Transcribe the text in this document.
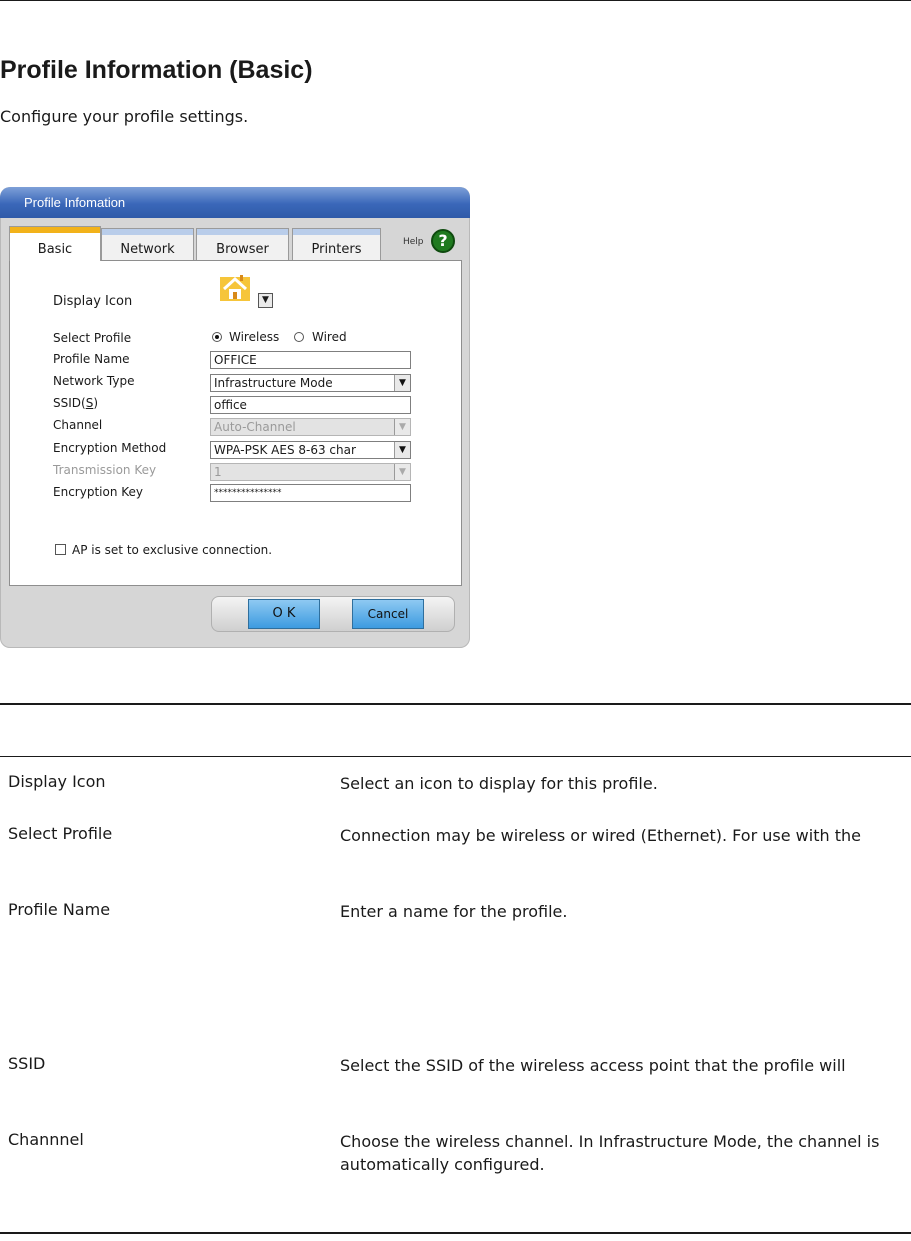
Profile Information (Basic)
Configure your profile settings.
Profile Infomation
Basic	Network	Browser	Printers	Help ?
Display Icon	▼
Select Profile	Wireless	Wired
Profile Name	OFFICE
Network Type	Infrastructure Mode	▼
SSID(S)	office
Channel	Auto-Channel	▼
Encryption Method	WPA-PSK AES 8-63 char	▼
Transmission Key	1	▼
Encryption Key	***************
AP is set to exclusive connection.
O K	Cancel
Display Icon	Select an icon to display for this profile.
Select Profile	Connection may be wireless or wired (Ethernet). For use with the
Profile Name	Enter a name for the profile.
SSID	Select the SSID of the wireless access point that the profile will
Channnel	Choose the wireless channel. In Infrastructure Mode, the channel is automatically configured.
